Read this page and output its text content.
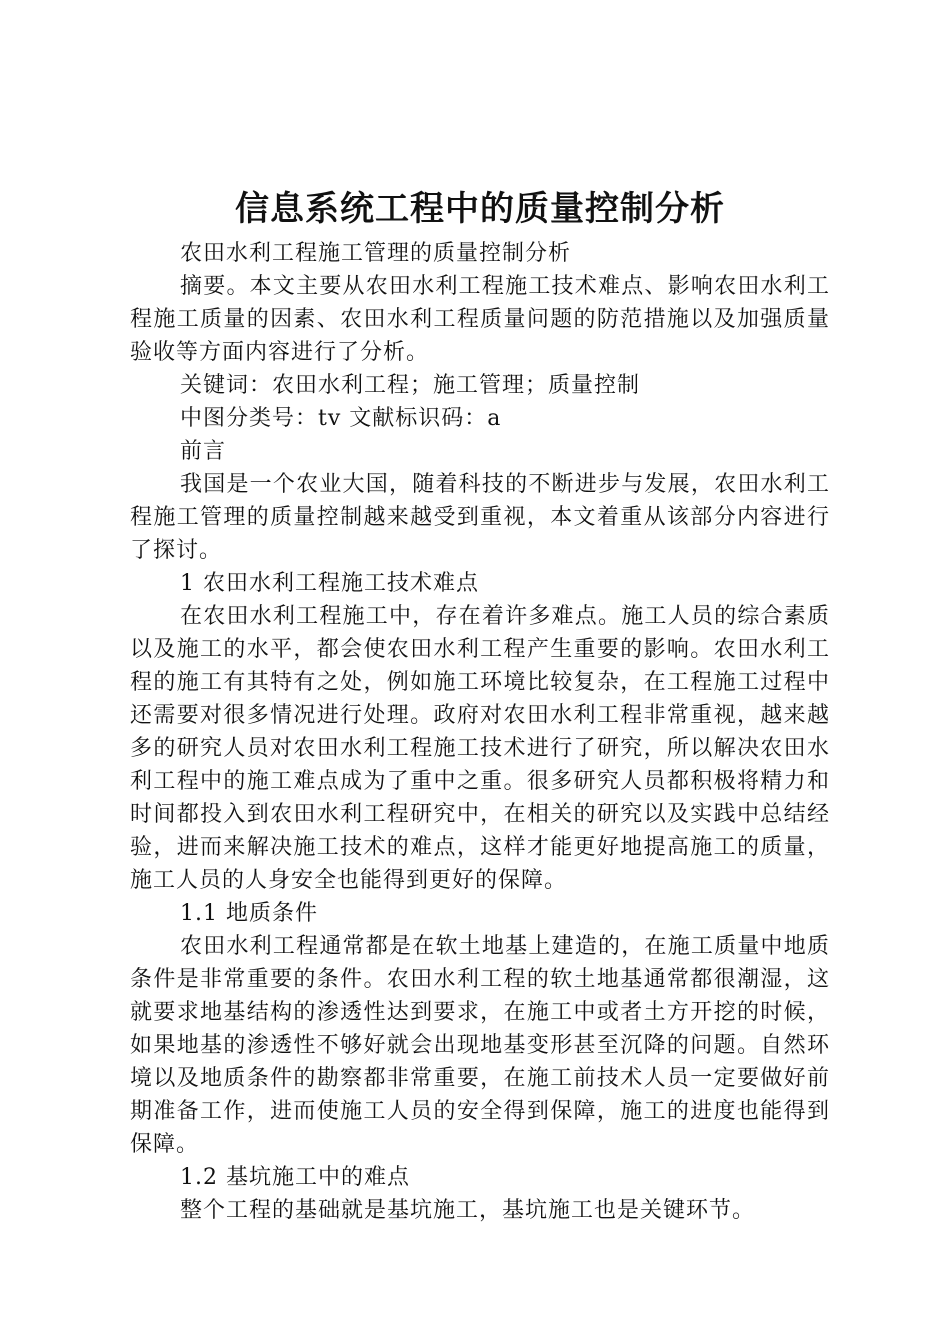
信息系统工程中的质量控制分析

农田水利工程施工管理的质量控制分析

摘要。本文主要从农田水利工程施工技术难点、影响农田水利工程施工质量的因素、农田水利工程质量问题的防范措施以及加强质量验收等方面内容进行了分析。

关键词：农田水利工程；施工管理；质量控制

中图分类号：tv 文献标识码：a

前言

我国是一个农业大国，随着科技的不断进步与发展，农田水利工程施工管理的质量控制越来越受到重视，本文着重从该部分内容进行了探讨。

1 农田水利工程施工技术难点

在农田水利工程施工中，存在着许多难点。施工人员的综合素质以及施工的水平，都会使农田水利工程产生重要的影响。农田水利工程的施工有其特有之处，例如施工环境比较复杂，在工程施工过程中还需要对很多情况进行处理。政府对农田水利工程非常重视，越来越多的研究人员对农田水利工程施工技术进行了研究，所以解决农田水利工程中的施工难点成为了重中之重。很多研究人员都积极将精力和时间都投入到农田水利工程研究中，在相关的研究以及实践中总结经验，进而来解决施工技术的难点，这样才能更好地提高施工的质量，施工人员的人身安全也能得到更好的保障。

1.1 地质条件

农田水利工程通常都是在软土地基上建造的，在施工质量中地质条件是非常重要的条件。农田水利工程的软土地基通常都很潮湿，这就要求地基结构的渗透性达到要求，在施工中或者土方开挖的时候，如果地基的渗透性不够好就会出现地基变形甚至沉降的问题。自然环境以及地质条件的勘察都非常重要，在施工前技术人员一定要做好前期准备工作，进而使施工人员的安全得到保障，施工的进度也能得到保障。

1.2 基坑施工中的难点

整个工程的基础就是基坑施工，基坑施工也是关键环节。
